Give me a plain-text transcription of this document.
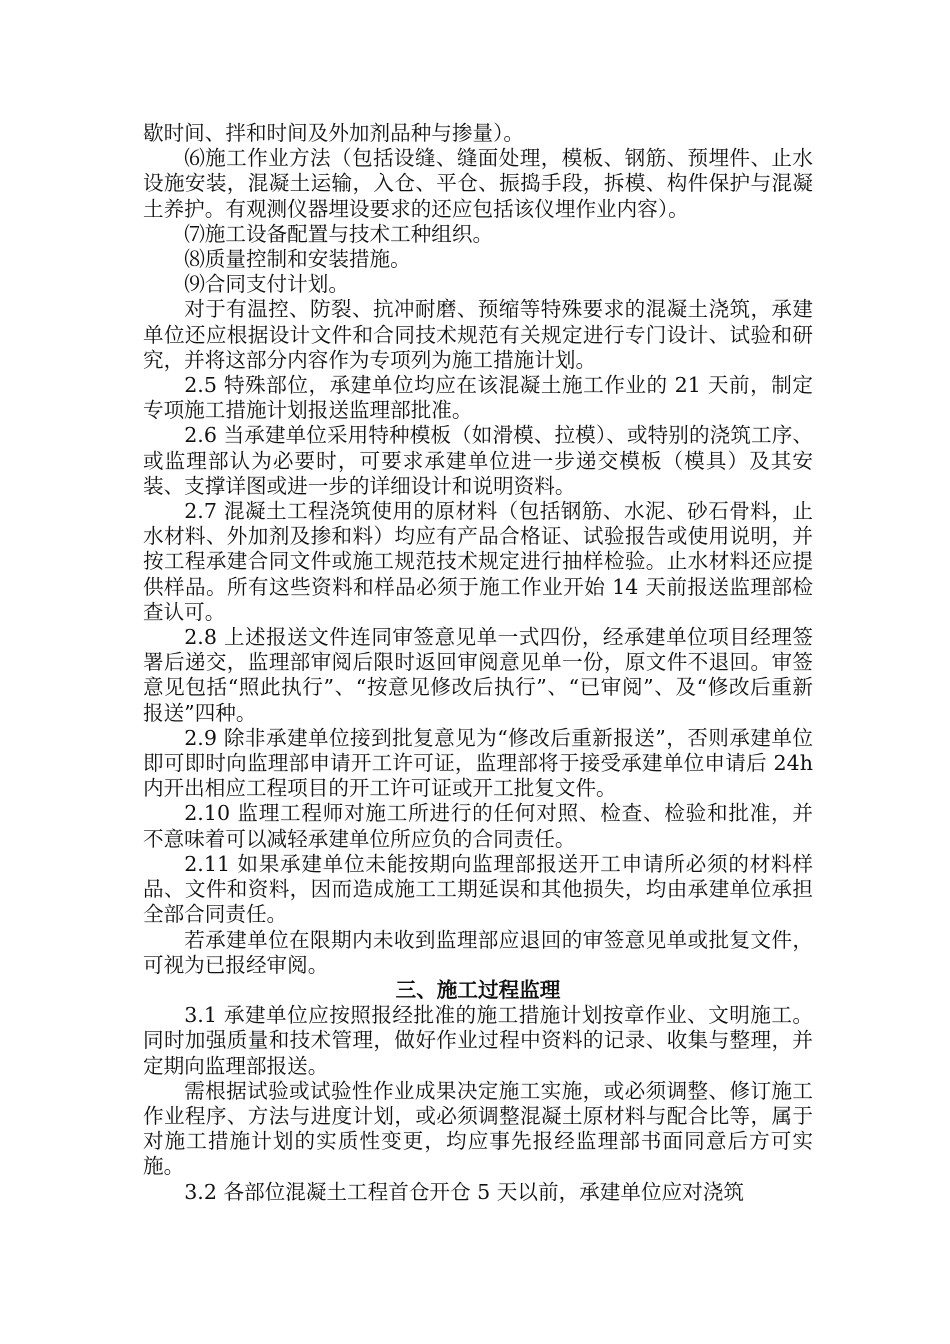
歇时间、拌和时间及外加剂品种与掺量）。

⑹施工作业方法（包括设缝、缝面处理，模板、钢筋、预埋件、止水设施安装，混凝土运输，入仓、平仓、振捣手段，拆模、构件保护与混凝土养护。有观测仪器埋设要求的还应包括该仪埋作业内容）。

⑺施工设备配置与技术工种组织。

⑻质量控制和安装措施。

⑼合同支付计划。

对于有温控、防裂、抗冲耐磨、预缩等特殊要求的混凝土浇筑，承建单位还应根据设计文件和合同技术规范有关规定进行专门设计、试验和研究，并将这部分内容作为专项列为施工措施计划。

2.5 特殊部位，承建单位均应在该混凝土施工作业的 21 天前，制定专项施工措施计划报送监理部批准。

2.6 当承建单位采用特种模板（如滑模、拉模）、或特别的浇筑工序、或监理部认为必要时，可要求承建单位进一步递交模板（模具）及其安装、支撑详图或进一步的详细设计和说明资料。

2.7 混凝土工程浇筑使用的原材料（包括钢筋、水泥、砂石骨料，止水材料、外加剂及掺和料）均应有产品合格证、试验报告或使用说明，并按工程承建合同文件或施工规范技术规定进行抽样检验。止水材料还应提供样品。所有这些资料和样品必须于施工作业开始 14 天前报送监理部检查认可。

2.8 上述报送文件连同审签意见单一式四份，经承建单位项目经理签署后递交，监理部审阅后限时返回审阅意见单一份，原文件不退回。审签意见包括“照此执行”、“按意见修改后执行”、“已审阅”、及“修改后重新报送”四种。

2.9 除非承建单位接到批复意见为“修改后重新报送”，否则承建单位即可即时向监理部申请开工许可证，监理部将于接受承建单位申请后 24h 内开出相应工程项目的开工许可证或开工批复文件。

2.10 监理工程师对施工所进行的任何对照、检查、检验和批准，并不意味着可以减轻承建单位所应负的合同责任。

2.11 如果承建单位未能按期向监理部报送开工申请所必须的材料样品、文件和资料，因而造成施工工期延误和其他损失，均由承建单位承担全部合同责任。

若承建单位在限期内未收到监理部应退回的审签意见单或批复文件，可视为已报经审阅。

三、施工过程监理

3.1 承建单位应按照报经批准的施工措施计划按章作业、文明施工。同时加强质量和技术管理，做好作业过程中资料的记录、收集与整理，并定期向监理部报送。

需根据试验或试验性作业成果决定施工实施，或必须调整、修订施工作业程序、方法与进度计划，或必须调整混凝土原材料与配合比等，属于对施工措施计划的实质性变更，均应事先报经监理部书面同意后方可实施。

3.2 各部位混凝土工程首仓开仓 5 天以前，承建单位应对浇筑
